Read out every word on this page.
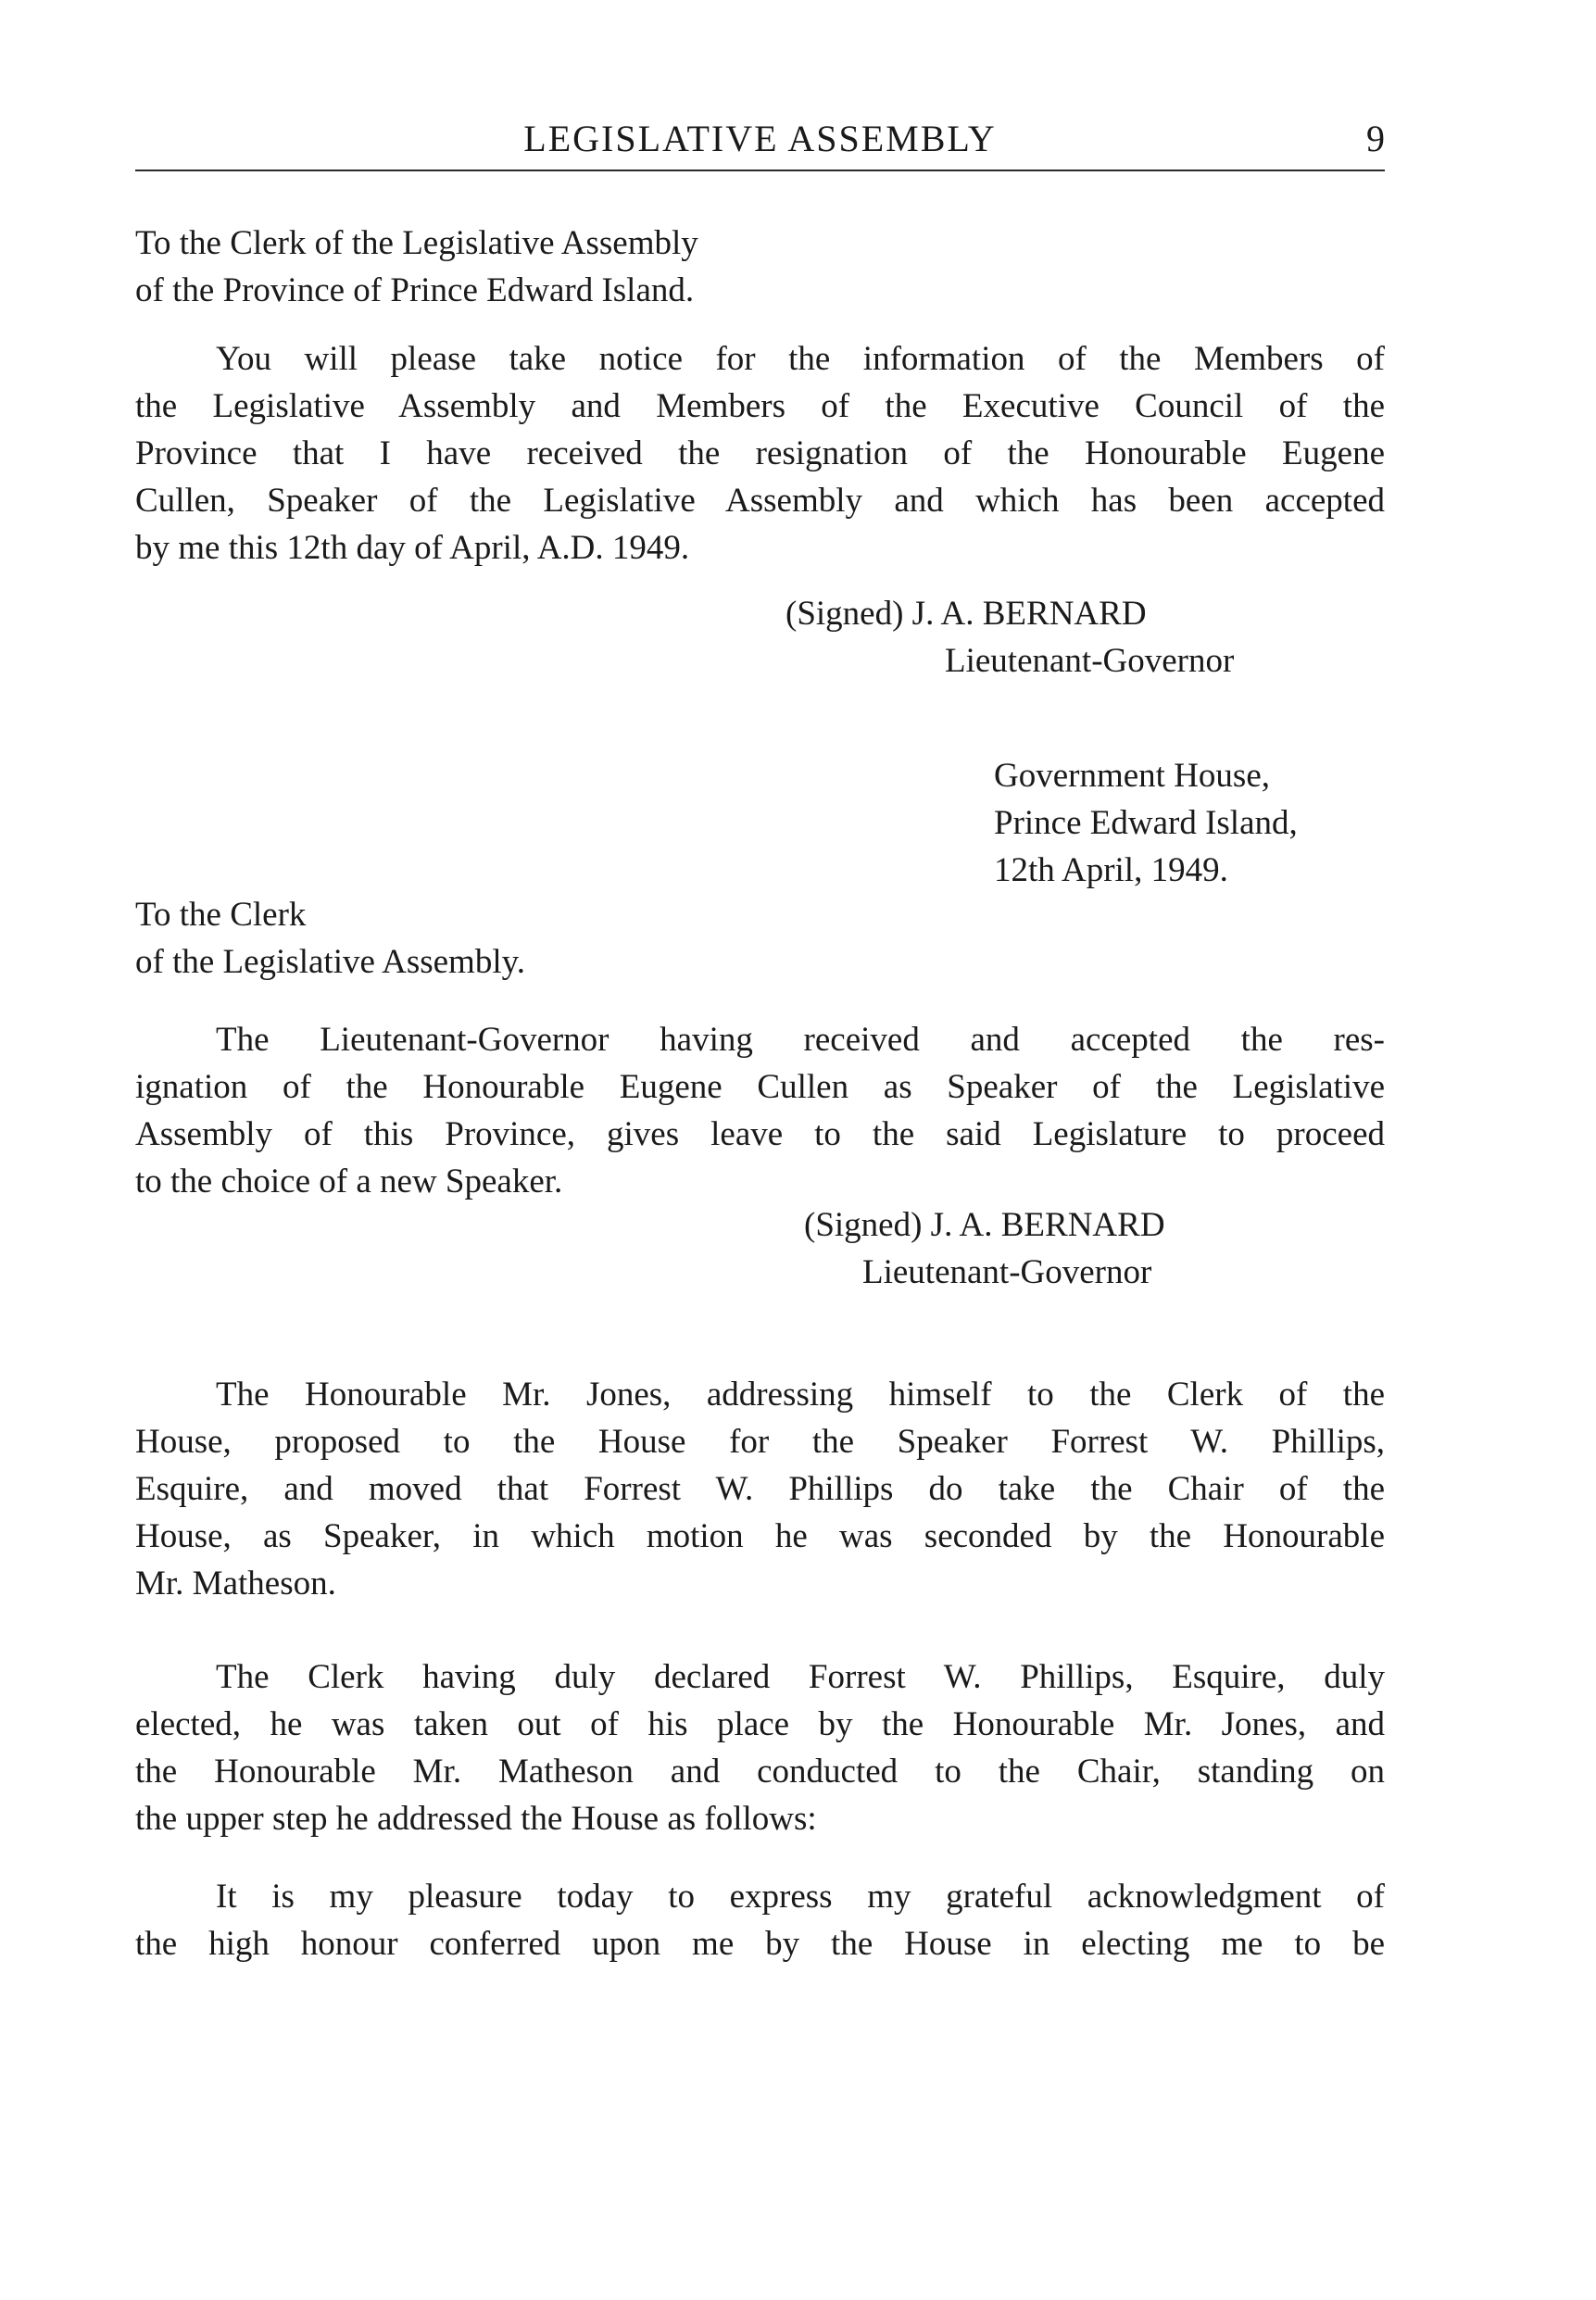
LEGISLATIVE ASSEMBLY	9
To the Clerk of the Legislative Assembly
of the Province of Prince Edward Island.
You will please take notice for the information of the Members of
the Legislative Assembly and Members of the Executive Council of the
Province that I have received the resignation of the Honourable Eugene
Cullen, Speaker of the Legislative Assembly and which has been accepted
by me this 12th day of April, A.D. 1949.
(Signed) J. A. BERNARD
Lieutenant-Governor
Government House,
Prince Edward Island,
12th April, 1949.
To the Clerk
of the Legislative Assembly.
The Lieutenant-Governor having received and accepted the res-
ignation of the Honourable Eugene Cullen as Speaker of the Legislative
Assembly of this Province, gives leave to the said Legislature to proceed
to the choice of a new Speaker.
(Signed) J. A. BERNARD
Lieutenant-Governor
The Honourable Mr. Jones, addressing himself to the Clerk of the
House, proposed to the House for the Speaker Forrest W. Phillips,
Esquire, and moved that Forrest W. Phillips do take the Chair of the
House, as Speaker, in which motion he was seconded by the Honourable
Mr. Matheson.
The Clerk having duly declared Forrest W. Phillips, Esquire, duly
elected, he was taken out of his place by the Honourable Mr. Jones, and
the Honourable Mr. Matheson and conducted to the Chair, standing on
the upper step he addressed the House as follows:
It is my pleasure today to express my grateful acknowledgment of
the high honour conferred upon me by the House in electing me to be
